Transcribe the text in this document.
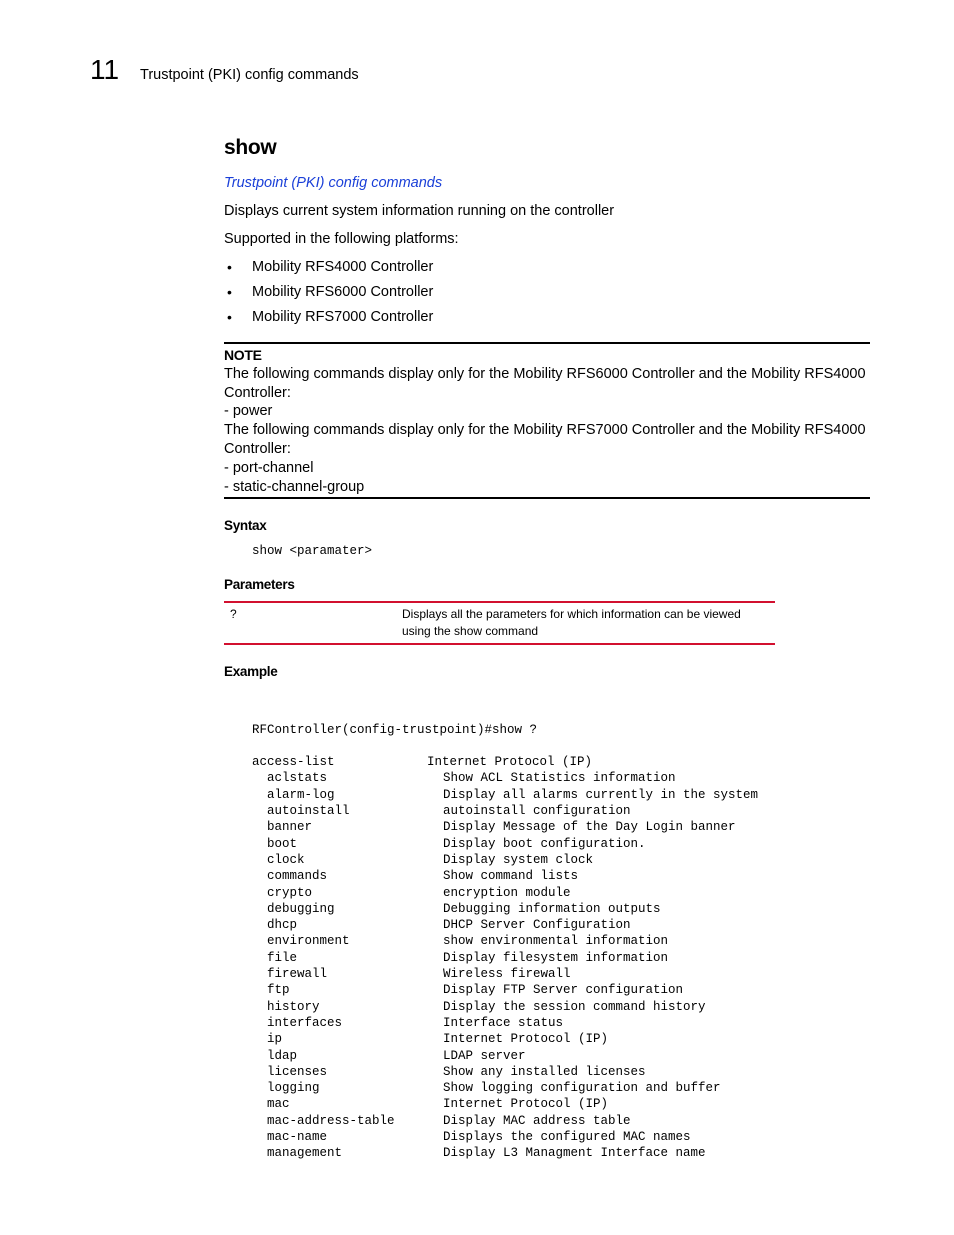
11 Trustpoint (PKI) config commands
show
Trustpoint (PKI) config commands
Displays current system information running on the controller
Supported in the following platforms:
• Mobility RFS4000 Controller
• Mobility RFS6000 Controller
• Mobility RFS7000 Controller
NOTE
The following commands display only for the Mobility RFS6000 Controller and the Mobility RFS4000
Controller:
- power
The following commands display only for the Mobility RFS7000 Controller and the Mobility RFS4000
Controller:
- port-channel
- static-channel-group
Syntax
show <paramater>
Parameters
?	Displays all the parameters for which information can be viewed using the show command
Example

RFController(config-trustpoint)#show ?

access-list	Internet Protocol (IP)
aclstats	Show ACL Statistics information
alarm-log	Display all alarms currently in the system
autoinstall	autoinstall configuration
banner	Display Message of the Day Login banner
boot	Display boot configuration.
clock	Display system clock
commands	Show command lists
crypto	encryption module
debugging	Debugging information outputs
dhcp	DHCP Server Configuration
environment	show environmental information
file	Display filesystem information
firewall	Wireless firewall
ftp	Display FTP Server configuration
history	Display the session command history
interfaces	Interface status
ip	Internet Protocol (IP)
ldap	LDAP server
licenses	Show any installed licenses
logging	Show logging configuration and buffer
mac	Internet Protocol (IP)
mac-address-table	Display MAC address table
mac-name	Displays the configured MAC names
management	Display L3 Managment Interface name
